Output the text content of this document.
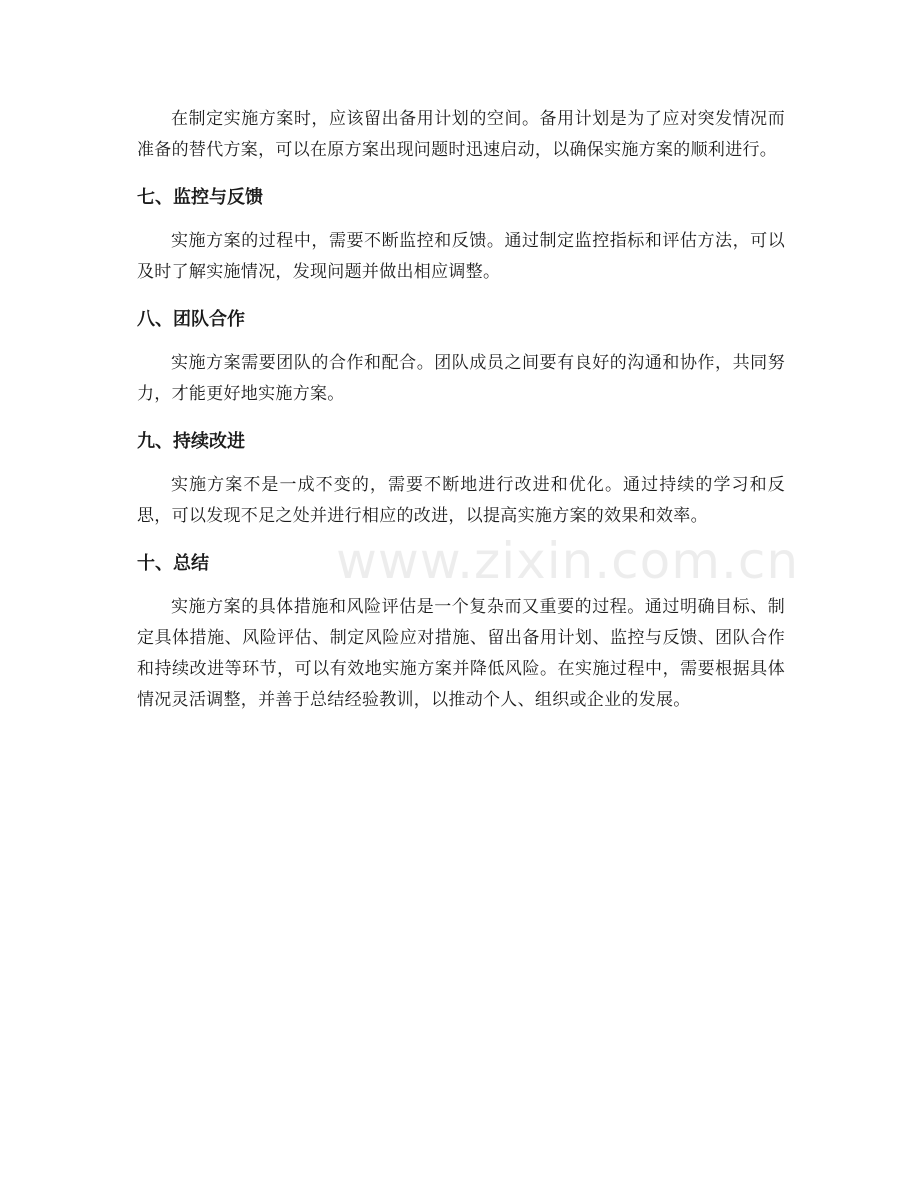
www.zixin.com.cn

在制定实施方案时，应该留出备用计划的空间。备用计划是为了应对突发情况而准备的替代方案，可以在原方案出现问题时迅速启动，以确保实施方案的顺利进行。

七、监控与反馈

实施方案的过程中，需要不断监控和反馈。通过制定监控指标和评估方法，可以及时了解实施情况，发现问题并做出相应调整。

八、团队合作

实施方案需要团队的合作和配合。团队成员之间要有良好的沟通和协作，共同努力，才能更好地实施方案。

九、持续改进

实施方案不是一成不变的，需要不断地进行改进和优化。通过持续的学习和反思，可以发现不足之处并进行相应的改进，以提高实施方案的效果和效率。

十、总结

实施方案的具体措施和风险评估是一个复杂而又重要的过程。通过明确目标、制定具体措施、风险评估、制定风险应对措施、留出备用计划、监控与反馈、团队合作和持续改进等环节，可以有效地实施方案并降低风险。在实施过程中，需要根据具体情况灵活调整，并善于总结经验教训，以推动个人、组织或企业的发展。
